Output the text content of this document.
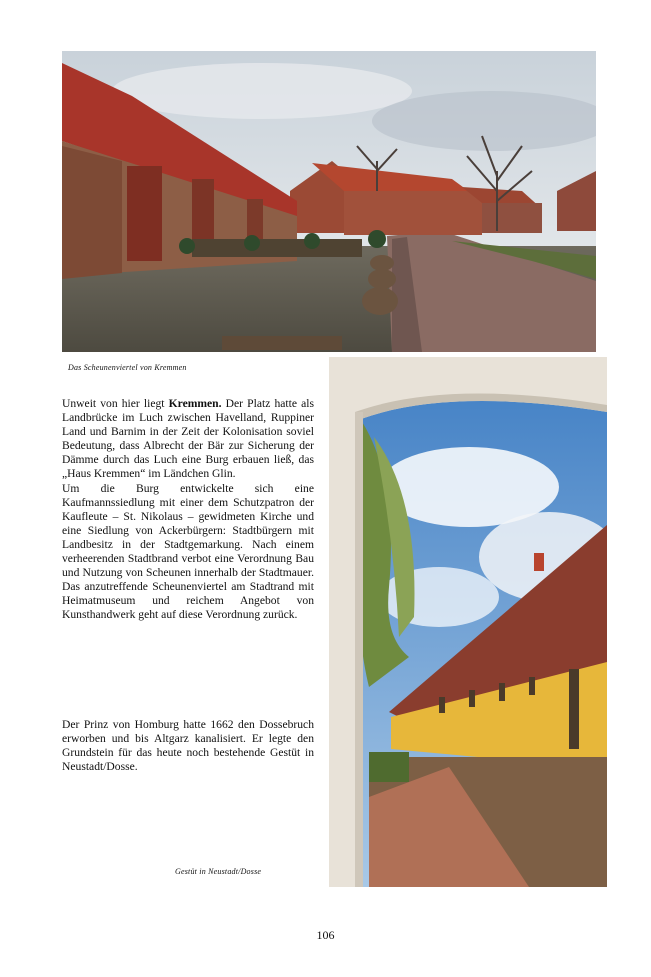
Das Scheunenviertel von Kremmen

Unweit von hier liegt Kremmen. Der Platz hatte als Landbrücke im Luch zwischen Havelland, Ruppiner Land und Barnim in der Zeit der Kolonisation soviel Bedeutung, dass Albrecht der Bär zur Sicherung der Dämme durch das Luch eine Burg erbauen ließ, das „Haus Kremmen“ im Ländchen Glin.

Um die Burg entwickelte sich eine Kaufmannssiedlung mit einer dem Schutzpatron der Kaufleute – St. Nikolaus – gewidmeten Kirche und eine Siedlung von Ackerbürgern: Stadtbürgern mit Landbesitz in der Stadtgemarkung. Nach einem verheerenden Stadtbrand verbot eine Verordnung Bau und Nutzung von Scheunen innerhalb der Stadtmauer. Das anzutreffende Scheunenviertel am Stadtrand mit Heimatmuseum und reichem Angebot von Kunsthandwerk geht auf diese Verordnung zurück.

Der Prinz von Homburg hatte 1662 den Dossebruch erworben und bis Altgarz kanalisiert. Er legte den Grundstein für das heute noch bestehende Gestüt in Neustadt/Dosse.

Gestüt in Neustadt/Dosse
106
